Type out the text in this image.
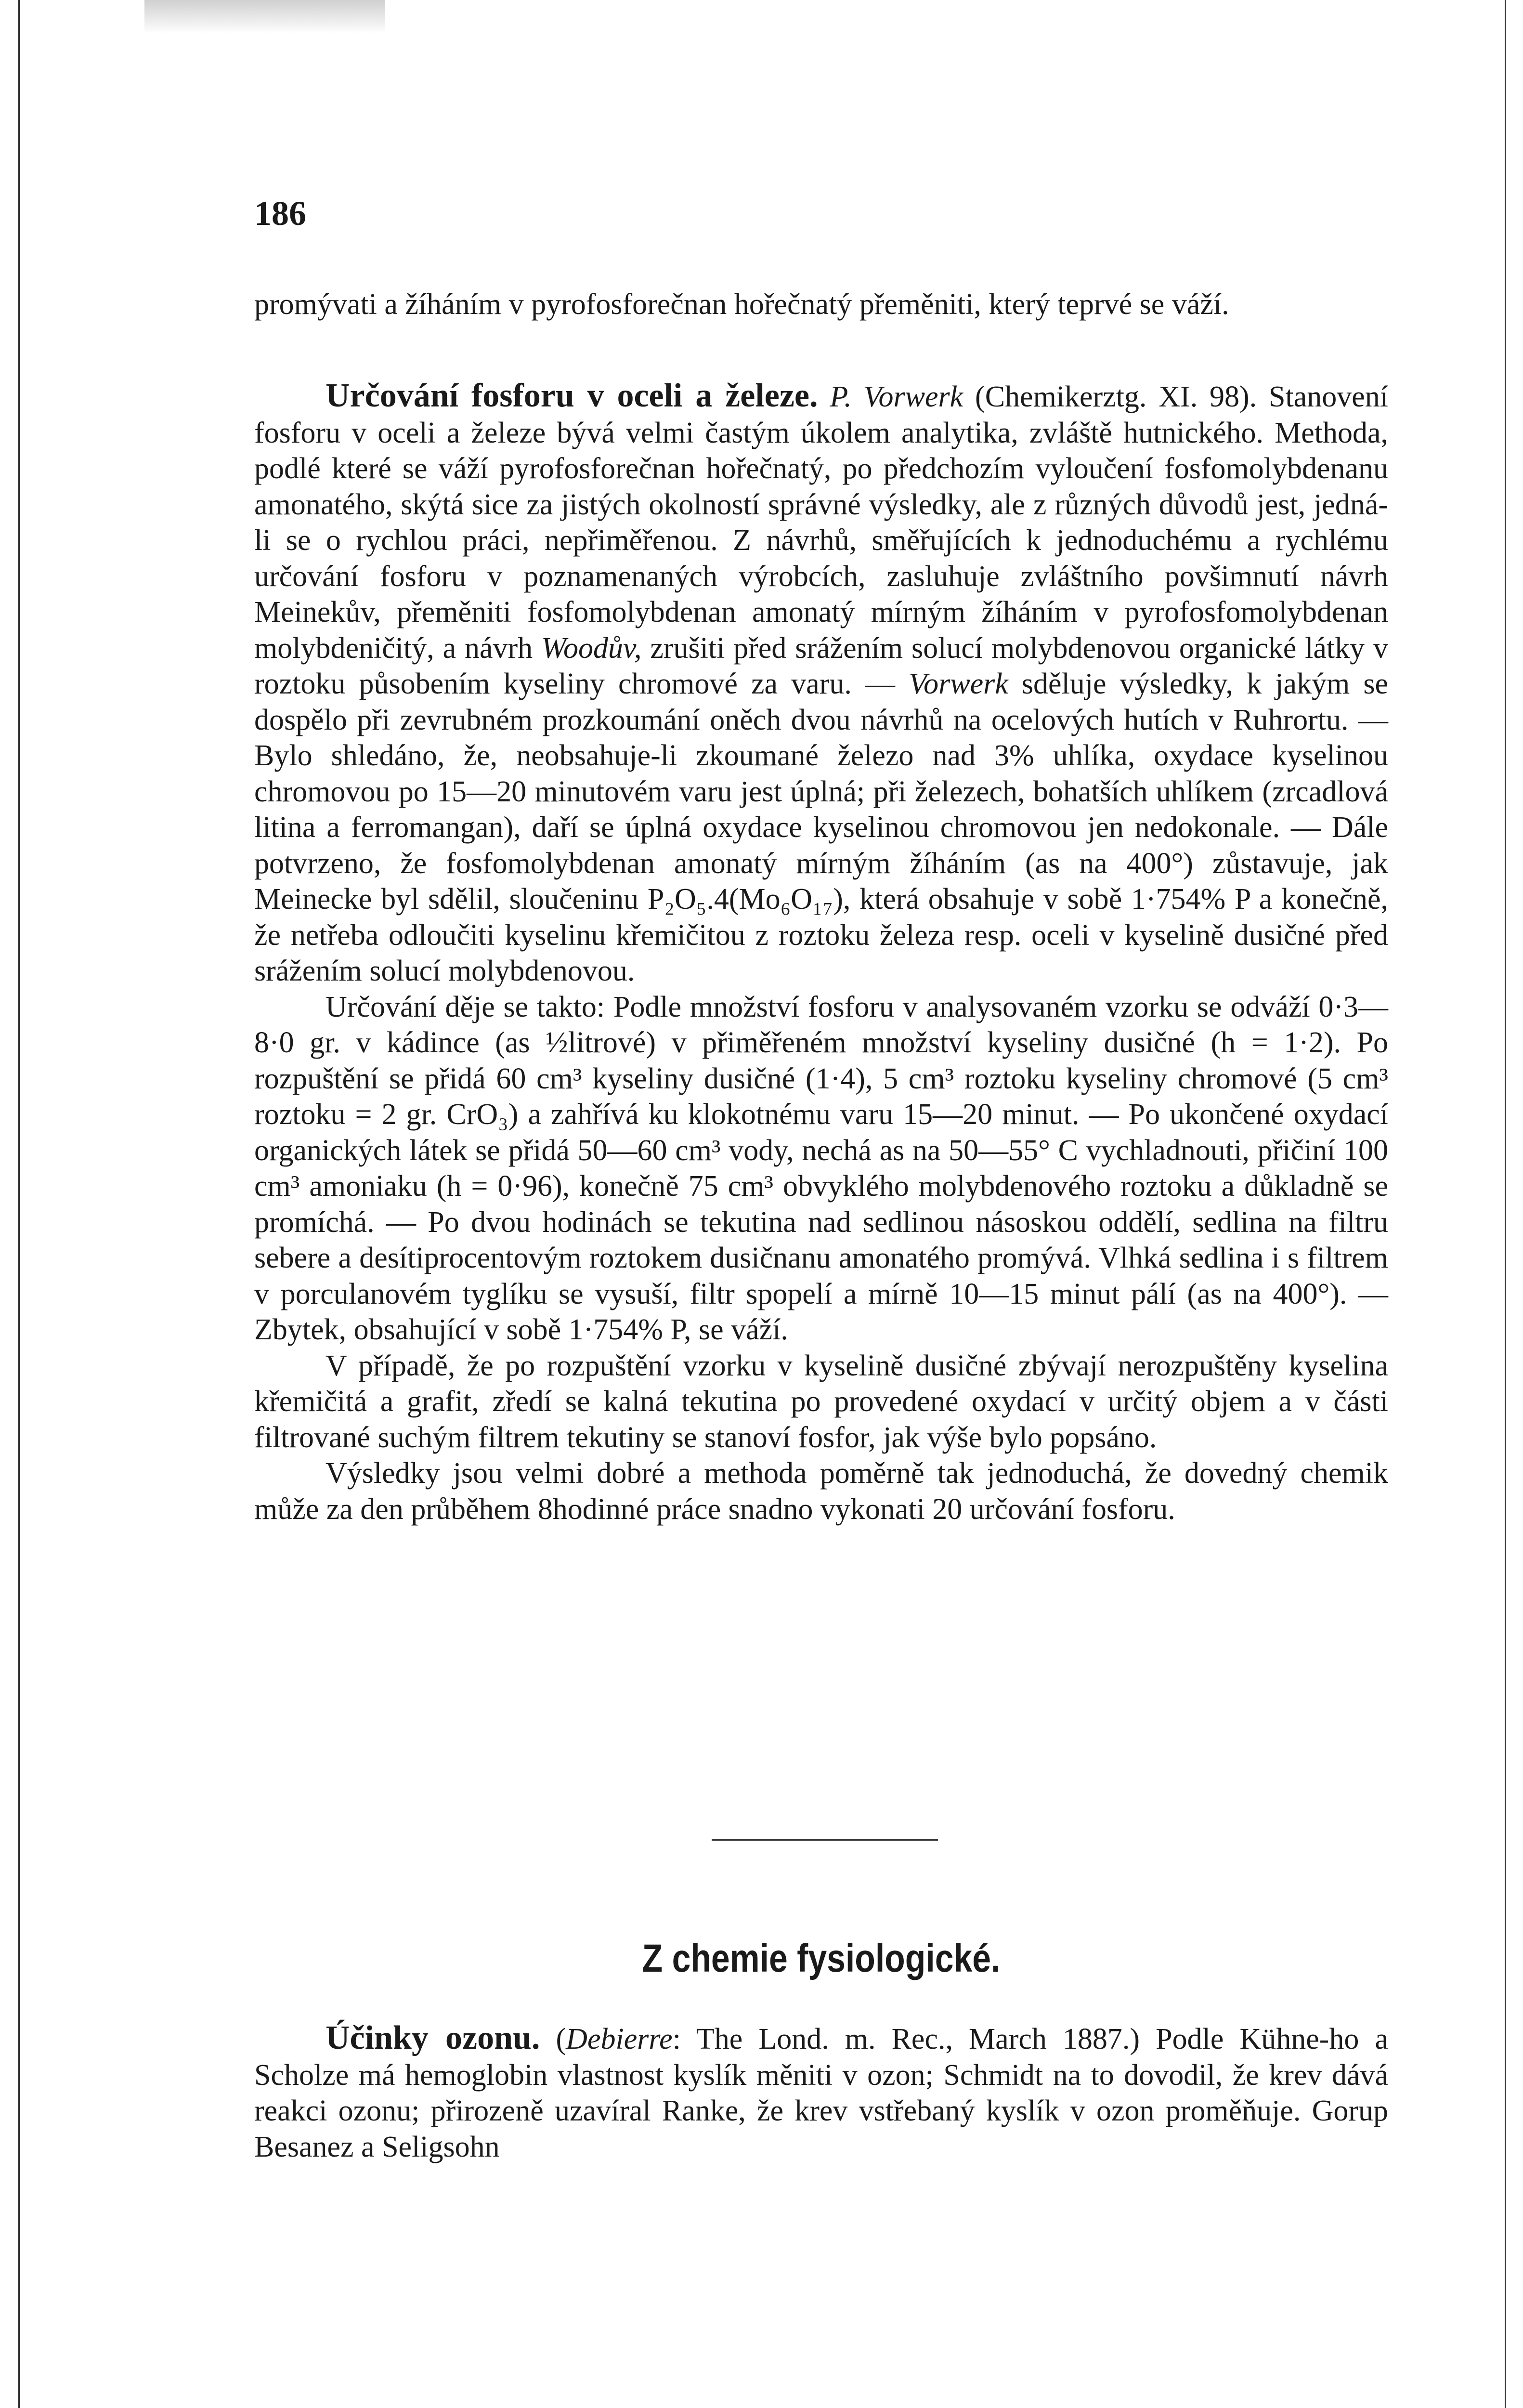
186

promývati a žíháním v pyrofosforečnan hořečnatý přeměniti, který teprvé se váží.

Určování fosforu v oceli a železe. P. Vorwerk (Chemikerztg. XI. 98). Stanovení fosforu v oceli a železe bývá velmi častým úkolem analytika, zvláště hutnického. Methoda, podlé které se váží pyrofosforečnan hořečnatý, po předchozím vyloučení fosfomolybdenanu amonatého, skýtá sice za jistých okolností správné výsledky, ale z různých důvodů jest, jedná-li se o rychlou práci, nepřiměřenou. Z návrhů, směřujících k jednoduchému a rychlému určování fosforu v poznamenaných výrobcích, zasluhuje zvláštního povšimnutí návrh Meinekův, přeměniti fosfomolybdenan amonatý mírným žíháním v pyrofosfomolybdenan molybdeničitý, a návrh Woodův, zrušiti před srážením solucí molybdenovou organické látky v roztoku působením kyseliny chromové za varu. — Vorwerk sděluje výsledky, k jakým se dospělo při zevrubném prozkoumání oněch dvou návrhů na ocelových hutích v Ruhrortu. — Bylo shledáno, že, neobsahuje-li zkoumané železo nad 3% uhlíka, oxydace kyselinou chromovou po 15—20 minutovém varu jest úplná; při železech, bohatších uhlíkem (zrcadlová litina a ferromangan), daří se úplná oxydace kyselinou chromovou jen nedokonale. — Dále potvrzeno, že fosfomolybdenan amonatý mírným žíháním (as na 400°) zůstavuje, jak Meinecke byl sdělil, sloučeninu P₂O₅.4(Mo₆O₁₇), která obsahuje v sobě 1·754% P a konečně, že netřeba odloučiti kyselinu křemičitou z roztoku železa resp. oceli v kyselině dusičné před srážením solucí molybdenovou.

Určování děje se takto: Podle množství fosforu v analysovaném vzorku se odváží 0·3—8·0 gr. v kádince (as ½litrové) v přiměřeném množství kyseliny dusičné (h = 1·2). Po rozpuštění se přidá 60 cm³ kyseliny dusičné (1·4), 5 cm³ roztoku kyseliny chromové (5 cm³ roztoku = 2 gr. CrO₃) a zahřívá ku klokotnému varu 15—20 minut. — Po ukončené oxydací organických látek se přidá 50—60 cm³ vody, nechá as na 50—55° C vychladnouti, přičiní 100 cm³ amoniaku (h = 0·96), konečně 75 cm³ obvyklého molybdenového roztoku a důkladně se promíchá. — Po dvou hodinách se tekutina nad sedlinou násoskou oddělí, sedlina na filtru sebere a desítiprocentovým roztokem dusičnanu amonatého promývá. Vlhká sedlina i s filtrem v porculanovém tyglíku se vysuší, filtr spopelí a mírně 10—15 minut pálí (as na 400°). — Zbytek, obsahující v sobě 1·754% P, se váží.

V případě, že po rozpuštění vzorku v kyselině dusičné zbývají nerozpuštěny kyselina křemičitá a grafit, zředí se kalná tekutina po provedené oxydací v určitý objem a v části filtrované suchým filtrem tekutiny se stanoví fosfor, jak výše bylo popsáno.

Výsledky jsou velmi dobré a methoda poměrně tak jednoduchá, že dovedný chemik může za den průběhem 8hodinné práce snadno vykonati 20 určování fosforu.

Z chemie fysiologické.

Účinky ozonu. (Debierre: The Lond. m. Rec., March 1887.) Podle Kühne-ho a Scholze má hemoglobin vlastnost kyslík měniti v ozon; Schmidt na to dovodil, že krev dává reakci ozonu; přirozeně uzavíral Ranke, že krev vstřebaný kyslík v ozon proměňuje. Gorup Besanez a Seligsohn
